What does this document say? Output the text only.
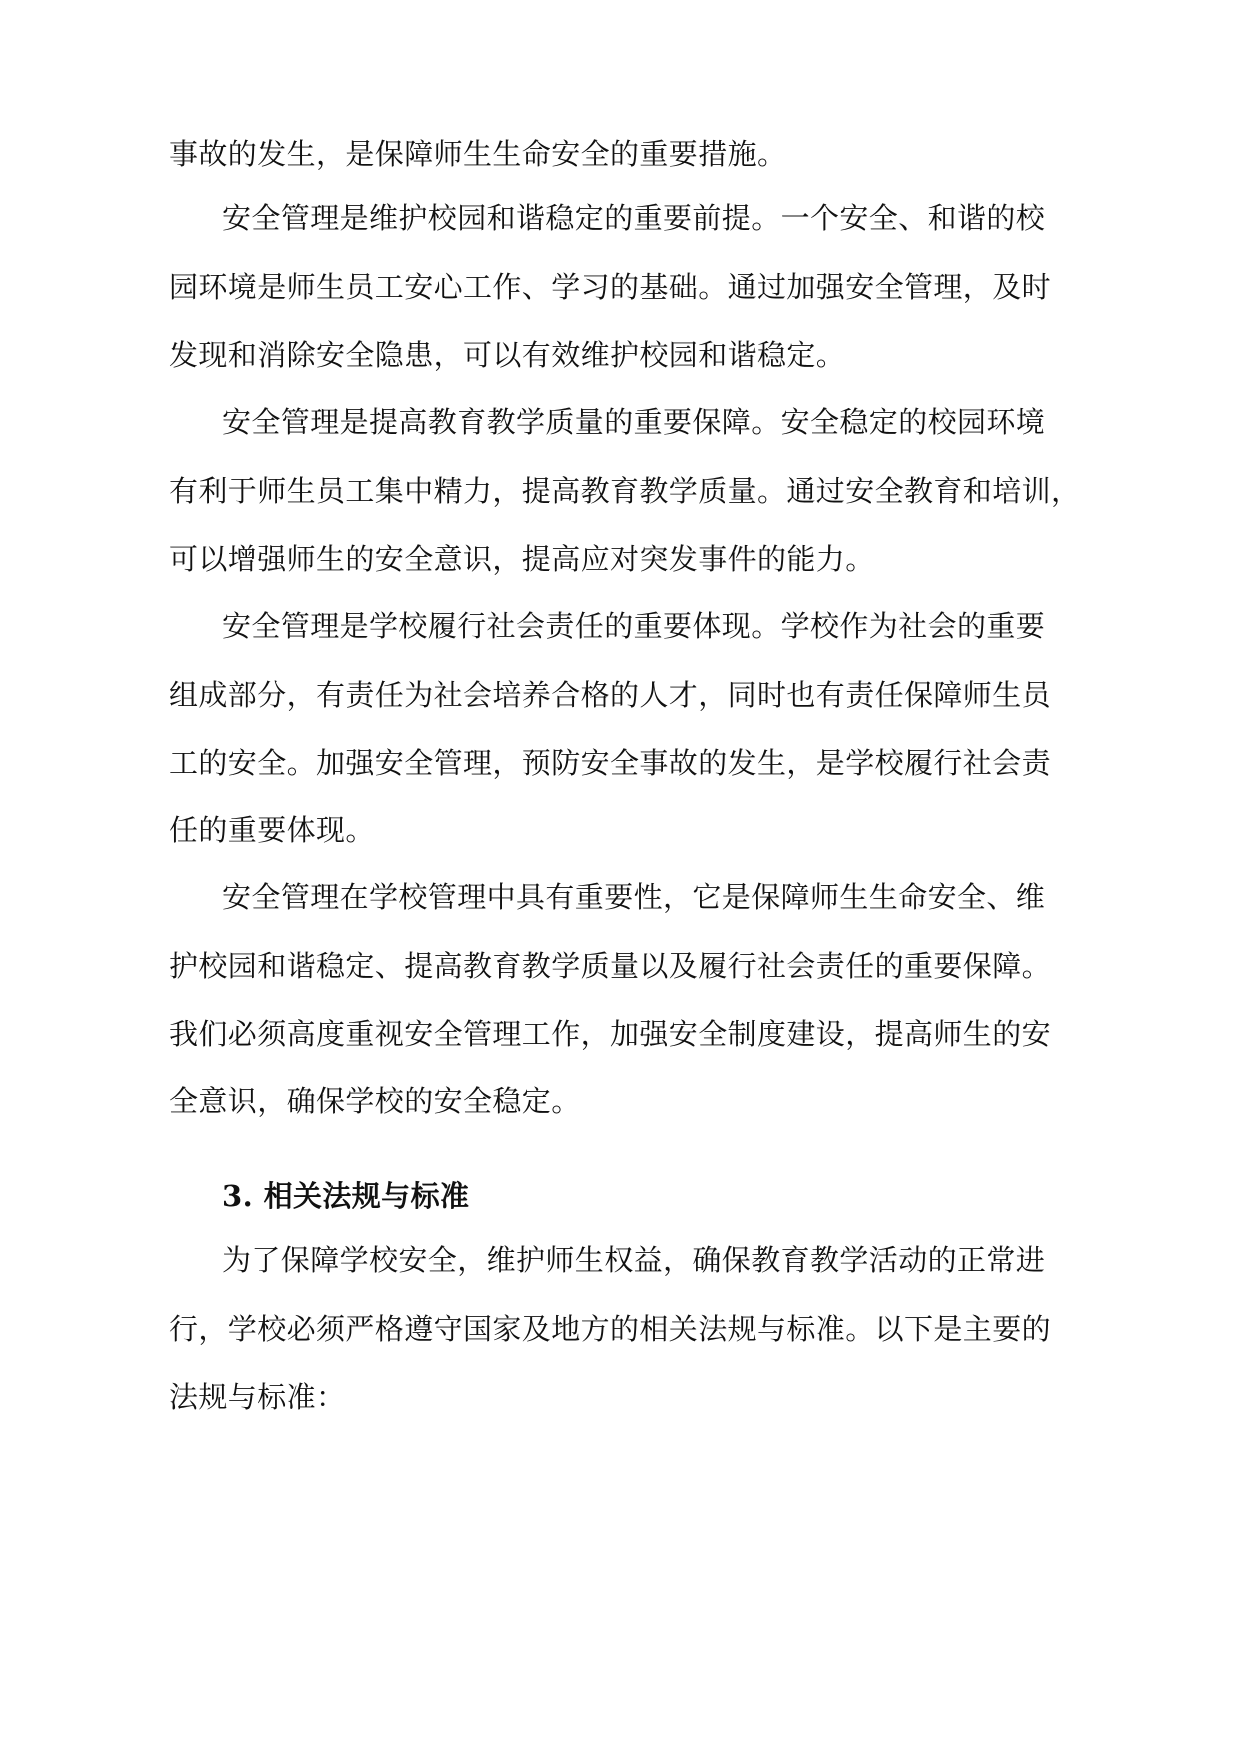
事故的发生，是保障师生生命安全的重要措施。
安全管理是维护校园和谐稳定的重要前提。一个安全、和谐的校
园环境是师生员工安心工作、学习的基础。通过加强安全管理，及时
发现和消除安全隐患，可以有效维护校园和谐稳定。
安全管理是提高教育教学质量的重要保障。安全稳定的校园环境
有利于师生员工集中精力，提高教育教学质量。通过安全教育和培训，
可以增强师生的安全意识，提高应对突发事件的能力。
安全管理是学校履行社会责任的重要体现。学校作为社会的重要
组成部分，有责任为社会培养合格的人才，同时也有责任保障师生员
工的安全。加强安全管理，预防安全事故的发生，是学校履行社会责
任的重要体现。
安全管理在学校管理中具有重要性，它是保障师生生命安全、维
护校园和谐稳定、提高教育教学质量以及履行社会责任的重要保障。
我们必须高度重视安全管理工作，加强安全制度建设，提高师生的安
全意识，确保学校的安全稳定。
3. 相关法规与标准
为了保障学校安全，维护师生权益，确保教育教学活动的正常进
行，学校必须严格遵守国家及地方的相关法规与标准。以下是主要的
法规与标准：
